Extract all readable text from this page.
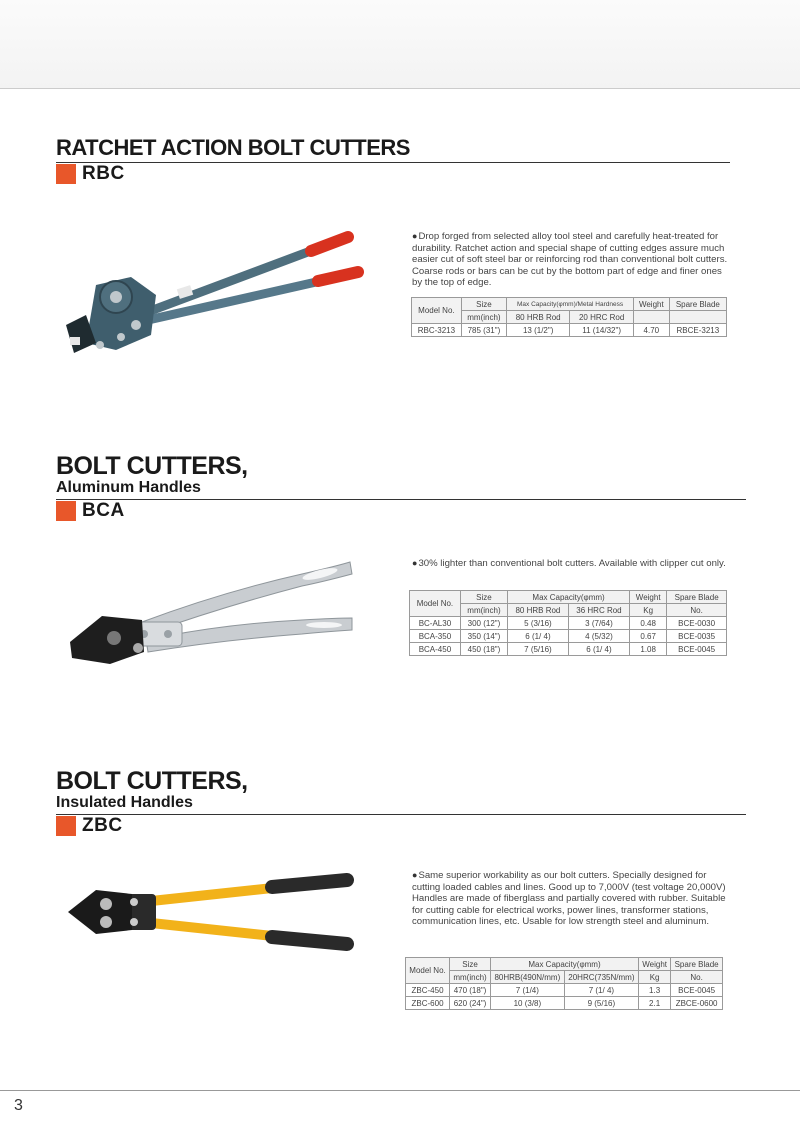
RATCHET ACTION BOLT CUTTERS
RBC
●Drop forged from selected alloy tool steel and carefully heat-treated for durability. Ratchet action and special shape of cutting edges assure much easier cut of soft steel bar or reinforcing rod than conventional bolt cutters. Coarse rods or bars can be cut by the bottom part of edge and finer ones by the top of edge.
Model No.	Size	Max Capacity(φmm)/Metal Hardness		Weight	Spare Blade
	mm(inch)	80 HRB Rod	20 HRC Rod		
RBC-3213	785 (31")	13 (1/2")	11 (14/32")	4.70	RBCE-3213
BOLT CUTTERS,
Aluminum Handles
BCA
●30% lighter than conventional bolt cutters. Available with clipper cut only.
Model No.	Size	Max Capacity(φmm)		Weight	Spare Blade
	mm(inch)	80 HRB Rod	36 HRC Rod	Kg	No.
BC-AL30	300 (12")	5 (3/16)	3 (7/64)	0.48	BCE-0030
BCA-350	350 (14")	6 (1/ 4)	4 (5/32)	0.67	BCE-0035
BCA-450	450 (18")	7 (5/16)	6 (1/ 4)	1.08	BCE-0045
BOLT CUTTERS,
Insulated Handles
ZBC
●Same superior workability as our bolt cutters. Specially designed for cutting loaded cables and lines. Good up to 7,000V (test voltage 20,000V) Handles are made of fiberglass and partially covered with rubber. Suitable for cutting cable for electrical works, power lines, transformer stations, communication lines, etc. Usable for low strength steel and aluminum.
Model No.	Size	Max Capacity(φmm)		Weight	Spare Blade
	mm(inch)	80HRB(490N/mm)	20HRC(735N/mm)	Kg	No.
ZBC-450	470 (18")	7 (1/4)	7 (1/ 4)	1.3	BCE-0045
ZBC-600	620 (24")	10 (3/8)	9 (5/16)	2.1	ZBCE-0600
3
